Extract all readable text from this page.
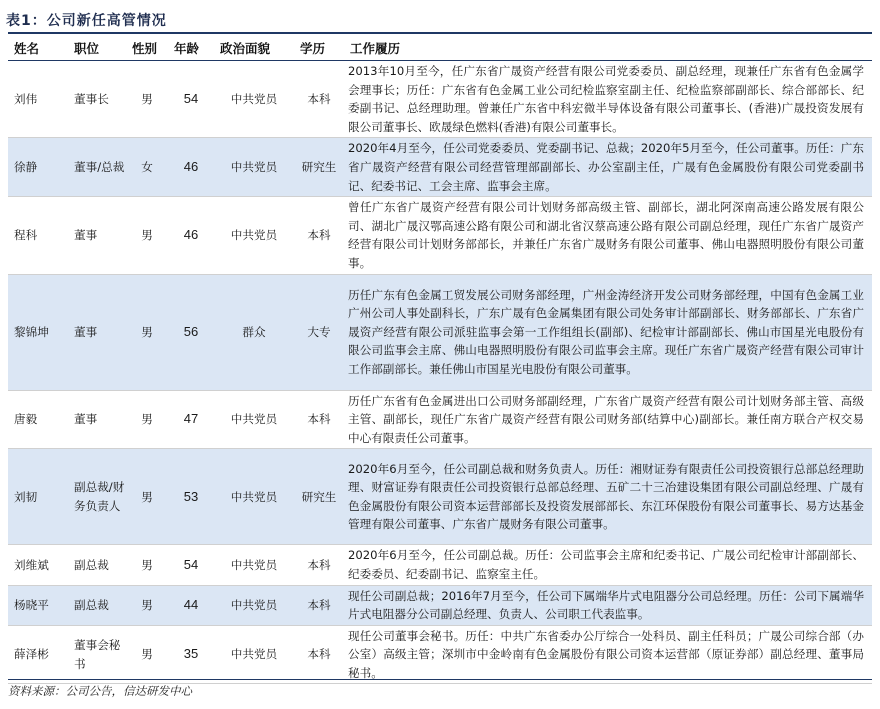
表1：公司新任高管情况
姓名	职位	性别	年龄	政治面貌	学历	工作履历
刘伟	董事长	男	54	中共党员	本科	2013年10月至今，任广东省广晟资产经营有限公司党委委员、副总经理，现兼任广东省有色金属学会理事长；历任：广东省有色金属工业公司纪检监察室副主任、纪检监察部副部长、综合部部长、纪委副书记、总经理助理。曾兼任广东省中科宏微半导体设备有限公司董事长、(香港)广晟投资发展有限公司董事长、欧晟绿色燃料(香港)有限公司董事长。
徐静	董事/总裁	女	46	中共党员	研究生	2020年4月至今，任公司党委委员、党委副书记、总裁；2020年5月至今，任公司董事。历任：广东省广晟资产经营有限公司经营管理部副部长、办公室副主任，广晟有色金属股份有限公司党委副书记、纪委书记、工会主席、监事会主席。
程科	董事	男	46	中共党员	本科	曾任广东省广晟资产经营有限公司计划财务部高级主管、副部长，湖北阿深南高速公路发展有限公司、湖北广晟汉鄂高速公路有限公司和湖北省汉蔡高速公路有限公司副总经理，现任广东省广晟资产经营有限公司计划财务部部长，并兼任广东省广晟财务有限公司董事、佛山电器照明股份有限公司董事。
黎锦坤	董事	男	56	群众	大专	历任广东有色金属工贸发展公司财务部经理，广州金涛经济开发公司财务部经理，中国有色金属工业广州公司人事处副科长，广东广晟有色金属集团有限公司处务审计部副部长、财务部部长、广东省广晟资产经营有限公司派驻监事会第一工作组组长(副部)、纪检审计部副部长、佛山市国星光电股份有限公司监事会主席、佛山电器照明股份有限公司监事会主席。现任广东省广晟资产经营有限公司审计工作部副部长。兼任佛山市国星光电股份有限公司董事。
唐毅	董事	男	47	中共党员	本科	历任广东省有色金属进出口公司财务部副经理，广东省广晟资产经营有限公司计划财务部主管、高级主管、副部长，现任广东省广晟资产经营有限公司财务部(结算中心)副部长。兼任南方联合产权交易中心有限责任公司董事。
刘韧	副总裁/财务负责人	男	53	中共党员	研究生	2020年6月至今，任公司副总裁和财务负责人。历任：湘财证券有限责任公司投资银行总部总经理助理、财富证券有限责任公司投资银行总部总经理、五矿二十三冶建设集团有限公司副总经理、广晟有色金属股份有限公司资本运营部部长及投资发展部部长、东江环保股份有限公司董事长、易方达基金管理有限公司董事、广东省广晟财务有限公司董事。
刘维斌	副总裁	男	54	中共党员	本科	2020年6月至今，任公司副总裁。历任：公司监事会主席和纪委书记、广晟公司纪检审计部副部长、纪委委员、纪委副书记、监察室主任。
杨晓平	副总裁	男	44	中共党员	本科	现任公司副总裁；2016年7月至今，任公司下属端华片式电阻器分公司总经理。历任：公司下属端华片式电阻器分公司副总经理、负责人、公司职工代表监事。
薛泽彬	董事会秘书	男	35	中共党员	本科	现任公司董事会秘书。历任：中共广东省委办公厅综合一处科员、副主任科员；广晟公司综合部（办公室）高级主管；深圳市中金岭南有色金属股份有限公司资本运营部（原证券部）副总经理、董事局秘书。
资料来源：公司公告，信达研发中心
